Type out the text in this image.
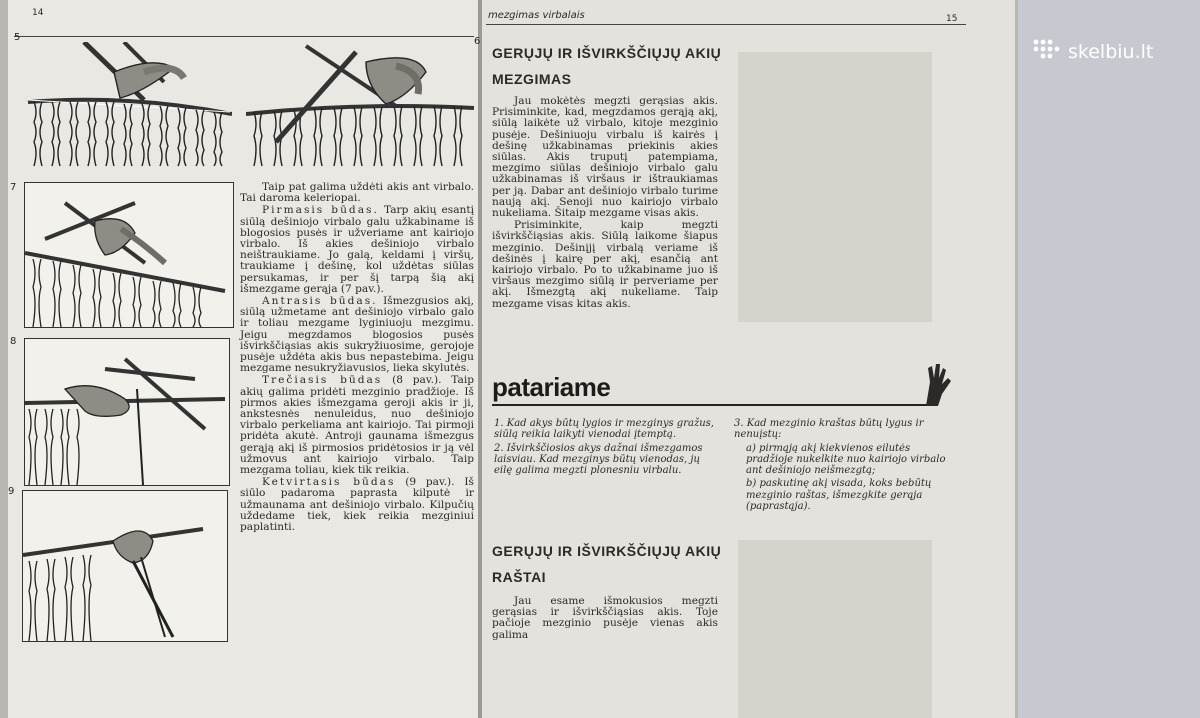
14
5	6
7
8
9

Taip pat galima uždėti akis ant virbalo. Tai daroma keleriopai.

Pirmasis būdas. Tarp akių esantį siūlą dešiniojo virbalo galu užkabiname iš blogosios pusės ir užveriame ant kairiojo virbalo. Iš akies dešiniojo virbalo neištraukiame. Jo galą, keldami į viršų, traukiame į dešinę, kol uždėtas siūlas persukamas, ir per šį tarpą šią akį išmezgame gerąja (7 pav.).

Antrasis būdas. Išmezgusios akį, siūlą užmetame ant dešiniojo virbalo galo ir toliau mezgame lyginiuoju mezgimu. Jeigu megzdamos blogosios pusės išvirkščiąsias akis sukryžiuosime, gerojoje pusėje uždėta akis bus nepastebima. Jeigu mezgame nesukryžiavusios, lieka skylutės.

Trečiasis būdas (8 pav.). Taip akių galima pridėti mezginio pradžioje. Iš pirmos akies išmezgama geroji akis ir ji, ankstesnės nenuleidus, nuo dešiniojo virbalo perkeliama ant kairiojo. Tai pirmoji pridėta akutė. Antroji gaunama išmezgus gerąją akį iš pirmosios pridėtosios ir ją vėl užmovus ant kairiojo virbalo. Taip mezgama toliau, kiek tik reikia.

Ketvirtasis būdas (9 pav.). Iš siūlo padaroma paprasta kilputė ir užmaunama ant dešiniojo virbalo. Kilpučių uždedame tiek, kiek reikia mezginiui paplatinti.

mezgimas virbalais	15
GERŲJŲ IR IŠVIRKŠČIŲJŲ AKIŲ
MEZGIMAS

Jau mokėtės megzti gerąsias akis. Prisiminkite, kad, megzdamos gerąją akį, siūlą laikėte už virbalo, kitoje mezginio pusėje. Dešiniuoju virbalu iš kairės į dešinę užkabinamas priekinis akies siūlas. Akis truputį patempiama, mezgimo siūlas dešiniojo virbalo galu užkabinamas iš viršaus ir ištraukiamas per ją. Dabar ant dešiniojo virbalo turime naują akį. Senoji nuo kairiojo virbalo nukeliama. Šitaip mezgame visas akis.

Prisiminkite, kaip megzti išvirkščiąsias akis. Siūlą laikome šiapus mezginio. Dešinįjį virbalą veriame iš dešinės į kairę per akį, esančią ant kairiojo virbalo. Po to užkabiname juo iš viršaus mezgimo siūlą ir perveriame per akį. Išmezgtą akį nukeliame. Taip mezgame visas kitas akis.

patariame

1. Kad akys būtų lygios ir mezginys gražus, siūlą reikia laikyti vienodai įtemptą.

2. Išvirkščiosios akys dažnai išmezgamos laisviau. Kad mezginys būtų vienodas, jų eilę galima megzti plonesniu virbalu.

3. Kad mezginio kraštas būtų lygus ir nenuįstų:

a) pirmąją akį kiekvienos eilutės pradžioje nukelkite nuo kairiojo virbalo ant dešiniojo neišmezgtą;

b) paskutinę akį visada, koks bebūtų mezginio raštas, išmezgkite gerąja (paprastąja).

GERŲJŲ IR IŠVIRKŠČIŲJŲ AKIŲ
RAŠTAI

Jau esame išmokusios megzti gerąsias ir išvirkščiąsias akis. Toje pačioje mezginio pusėje vienas akis galima

skelbiu.lt
